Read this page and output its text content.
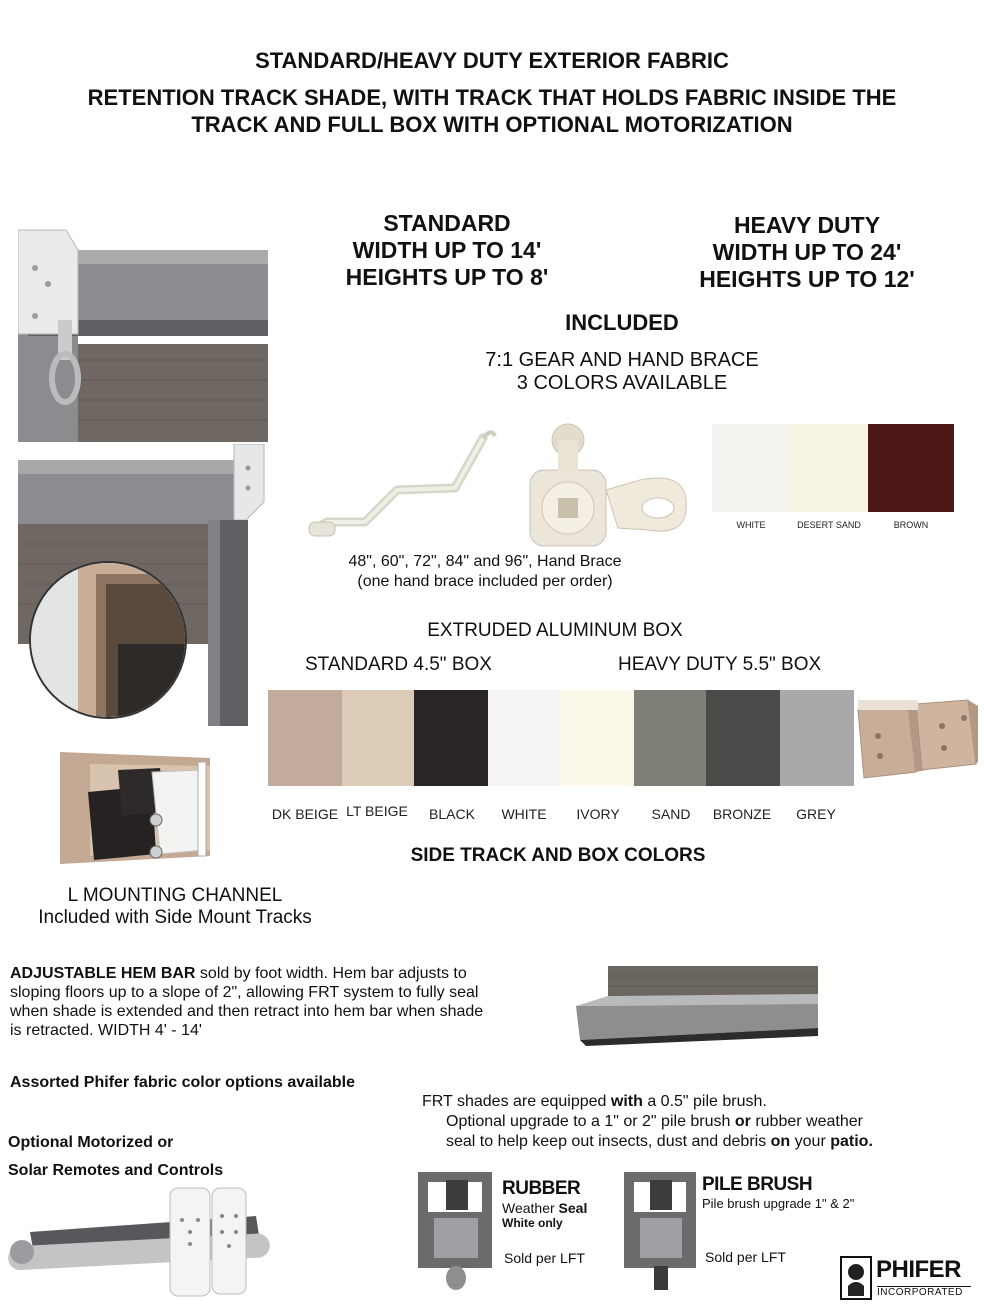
STANDARD/HEAVY DUTY EXTERIOR FABRIC
RETENTION TRACK SHADE, WITH TRACK THAT HOLDS FABRIC INSIDE THE
TRACK AND FULL BOX WITH OPTIONAL MOTORIZATION
L MOUNTING CHANNEL
Included with Side Mount Tracks
STANDARD
WIDTH UP TO 14'
HEIGHTS UP TO 8'
HEAVY DUTY
WIDTH UP TO 24'
HEIGHTS UP TO 12'
INCLUDED
7:1 GEAR AND HAND BRACE
3 COLORS AVAILABLE
48", 60", 72", 84" and 96", Hand Brace
(one hand brace included per order)
WHITE	DESERT SAND	BROWN
EXTRUDED ALUMINUM BOX
STANDARD 4.5" BOX	HEAVY DUTY 5.5" BOX
DK BEIGE LT BEIGE	BLACK	WHITE	IVORY	SAND	BRONZE	GREY
SIDE TRACK AND BOX COLORS
ADJUSTABLE HEM BAR sold by foot width. Hem bar adjusts to
sloping floors up to a slope of 2", allowing FRT system to fully seal
when shade is extended and then retract into hem bar when shade
is retracted. WIDTH 4' - 14'
Assorted Phifer fabric color options available
Optional Motorized or
Solar Remotes and Controls
FRT shades are equipped with a 0.5" pile brush.
Optional upgrade to a 1" or 2" pile brush or rubber weather
seal to help keep out insects, dust and debris on your patio.
RUBBER
Weather Seal
White only
Sold per LFT
PILE BRUSH
Pile brush upgrade 1" & 2"
Sold per LFT	PHIFER
INCORPORATED
